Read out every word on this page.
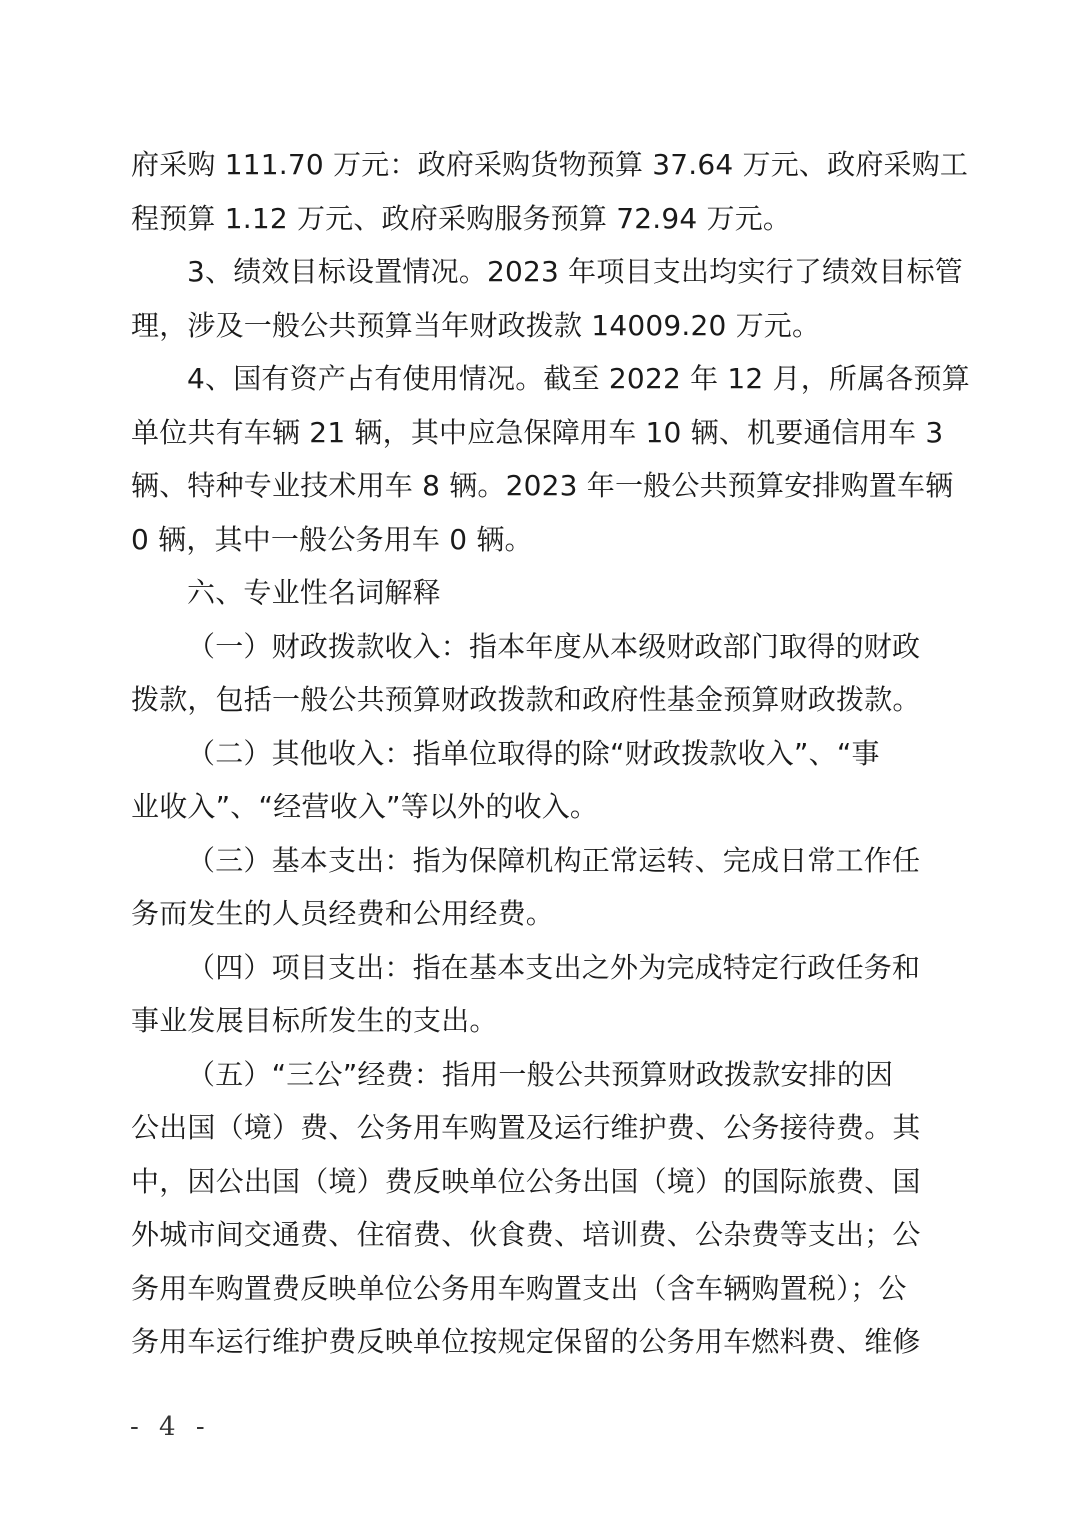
府采购 111.70 万元：政府采购货物预算 37.64 万元、政府采购工
程预算 1.12 万元、政府采购服务预算 72.94 万元。
3、绩效目标设置情况。2023 年项目支出均实行了绩效目标管
理，涉及一般公共预算当年财政拨款 14009.20 万元。
4、国有资产占有使用情况。截至 2022 年 12 月，所属各预算
单位共有车辆 21 辆，其中应急保障用车 10 辆、机要通信用车 3
辆、特种专业技术用车 8 辆。2023 年一般公共预算安排购置车辆
0 辆，其中一般公务用车 0 辆。
六、专业性名词解释
（一）财政拨款收入：指本年度从本级财政部门取得的财政
拨款，包括一般公共预算财政拨款和政府性基金预算财政拨款。
（二）其他收入：指单位取得的除“财政拨款收入”、“事
业收入”、“经营收入”等以外的收入。
（三）基本支出：指为保障机构正常运转、完成日常工作任
务而发生的人员经费和公用经费。
（四）项目支出：指在基本支出之外为完成特定行政任务和
事业发展目标所发生的支出。
（五）“三公”经费：指用一般公共预算财政拨款安排的因
公出国（境）费、公务用车购置及运行维护费、公务接待费。其
中，因公出国（境）费反映单位公务出国（境）的国际旅费、国
外城市间交通费、住宿费、伙食费、培训费、公杂费等支出；公
务用车购置费反映单位公务用车购置支出（含车辆购置税）；公
务用车运行维护费反映单位按规定保留的公务用车燃料费、维修
- 4 -
